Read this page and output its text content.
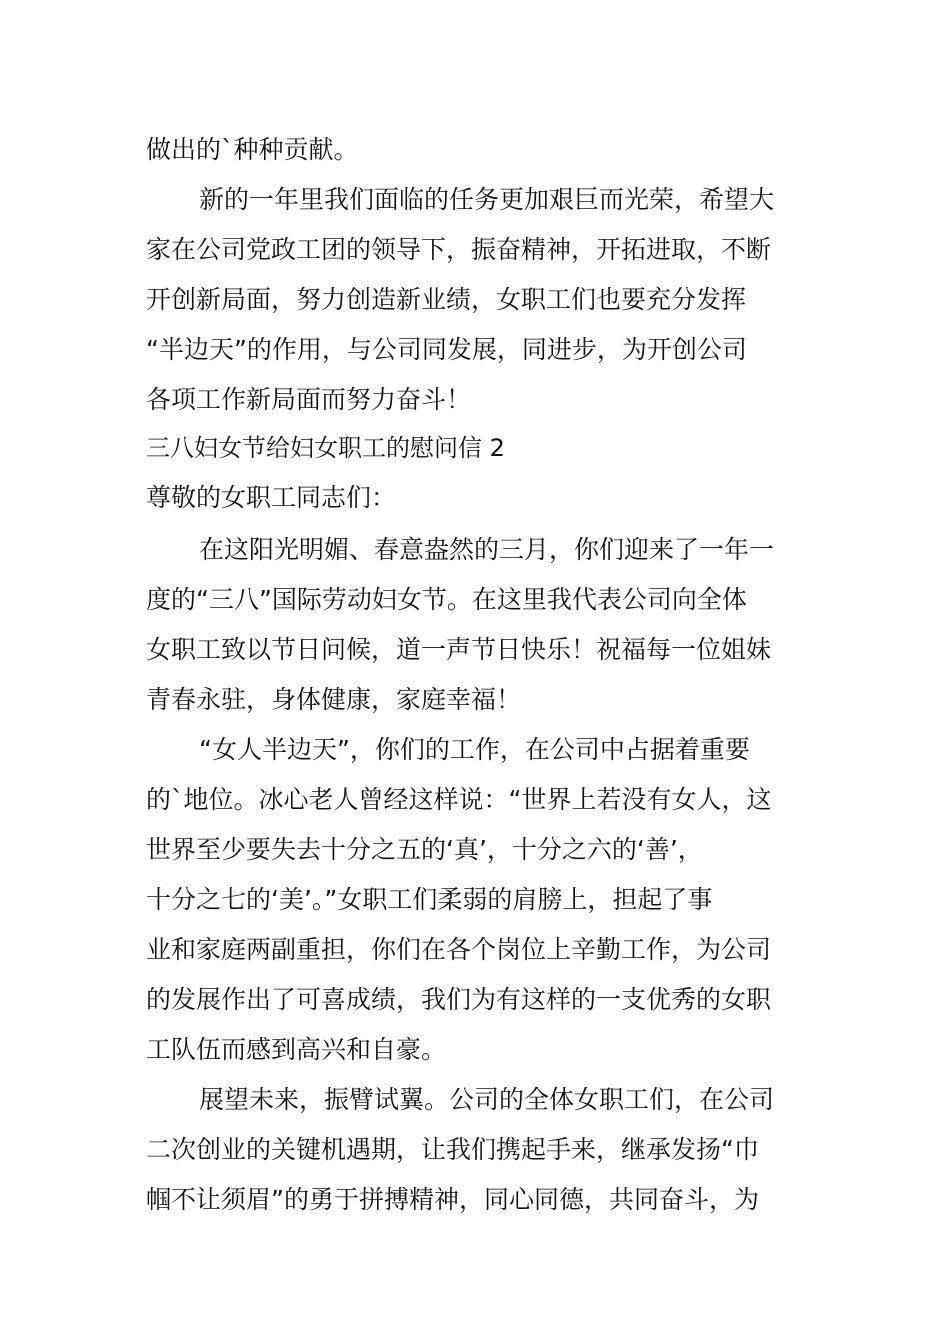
做出的`种种贡献。
新的一年里我们面临的任务更加艰巨而光荣，希望大
家在公司党政工团的领导下，振奋精神，开拓进取，不断
开创新局面，努力创造新业绩，女职工们也要充分发挥
“半边天”的作用，与公司同发展，同进步，为开创公司
各项工作新局面而努力奋斗！
三八妇女节给妇女职工的慰问信 2
尊敬的女职工同志们：
在这阳光明媚、春意盎然的三月，你们迎来了一年一
度的“三八”国际劳动妇女节。在这里我代表公司向全体
女职工致以节日问候，道一声节日快乐！祝福每一位姐妹
青春永驻，身体健康，家庭幸福！
“女人半边天”，你们的工作，在公司中占据着重要
的`地位。冰心老人曾经这样说：“世界上若没有女人，这
世界至少要失去十分之五的‘真’，十分之六的‘善’，
十分之七的‘美’。”女职工们柔弱的肩膀上，担起了事
业和家庭两副重担，你们在各个岗位上辛勤工作，为公司
的发展作出了可喜成绩，我们为有这样的一支优秀的女职
工队伍而感到高兴和自豪。
展望未来，振臂试翼。公司的全体女职工们，在公司
二次创业的关键机遇期，让我们携起手来，继承发扬“巾
帼不让须眉”的勇于拼搏精神，同心同德，共同奋斗，为
